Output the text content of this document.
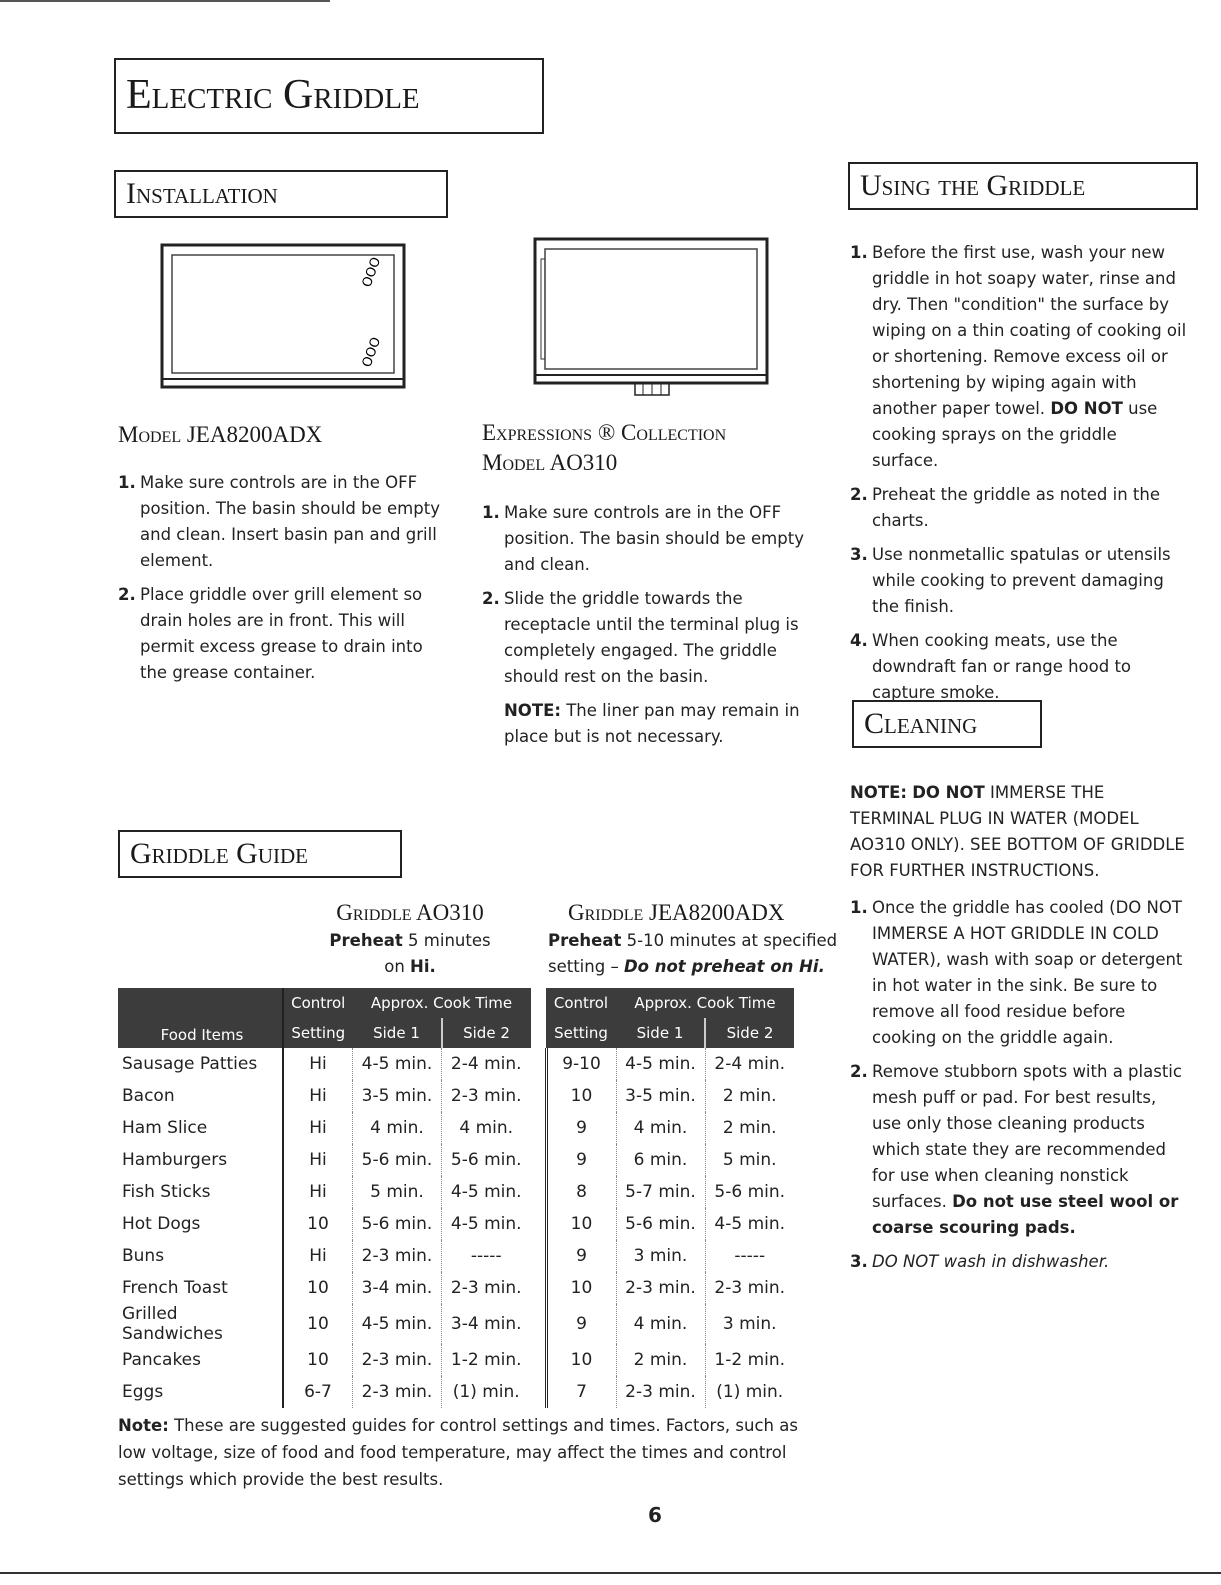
Electric Griddle
Installation
OOO
OOO
Model JEA8200ADX
1. Make sure controls are in the OFF position. The basin should be empty and clean. Insert basin pan and grill element.
2. Place griddle over grill element so drain holes are in front. This will permit excess grease to drain into the grease container.
Expressions ® Collection
Model AO310
1. Make sure controls are in the OFF position. The basin should be empty and clean.
2. Slide the griddle towards the receptacle until the terminal plug is completely engaged. The griddle should rest on the basin.
NOTE: The liner pan may remain in place but is not necessary.
Using the Griddle
1. Before the first use, wash your new griddle in hot soapy water, rinse and dry. Then "condition" the surface by wiping on a thin coating of cooking oil or shortening. Remove excess oil or shortening by wiping again with another paper towel. DO NOT use cooking sprays on the griddle surface.
2. Preheat the griddle as noted in the charts.
3. Use nonmetallic spatulas or utensils while cooking to prevent damaging the finish.
4. When cooking meats, use the downdraft fan or range hood to capture smoke.
Cleaning
NOTE: DO NOT IMMERSE THE TERMINAL PLUG IN WATER (MODEL AO310 ONLY). SEE BOTTOM OF GRIDDLE FOR FURTHER INSTRUCTIONS.
1. Once the griddle has cooled (DO NOT IMMERSE A HOT GRIDDLE IN COLD WATER), wash with soap or detergent in hot water in the sink. Be sure to remove all food residue before cooking on the griddle again.
2. Remove stubborn spots with a plastic mesh puff or pad. For best results, use only those cleaning products which state they are recommended for use when cleaning nonstick surfaces. Do not use steel wool or coarse scouring pads.
3. DO NOT wash in dishwasher.
Griddle Guide
Griddle AO310
Preheat 5 minutes
on Hi.
Griddle JEA8200ADX
Preheat 5-10 minutes at specified
setting – Do not preheat on Hi.
Food Items	Control	Approx. Cook Time			Control	Approx. Cook Time	
	Setting	Side 1	Side 2		Setting	Side 1	Side 2
Sausage Patties	Hi	4-5 min.	2-4 min.		9-10	4-5 min.	2-4 min.
Bacon	Hi	3-5 min.	2-3 min.		10	3-5 min.	2 min.
Ham Slice	Hi	4 min.	4 min.		9	4 min.	2 min.
Hamburgers	Hi	5-6 min.	5-6 min.		9	6 min.	5 min.
Fish Sticks	Hi	5 min.	4-5 min.		8	5-7 min.	5-6 min.
Hot Dogs	10	5-6 min.	4-5 min.		10	5-6 min.	4-5 min.
Buns	Hi	2-3 min.	-----		9	3 min.	-----
French Toast	10	3-4 min.	2-3 min.		10	2-3 min.	2-3 min.
Grilled Sandwiches	10	4-5 min.	3-4 min.		9	4 min.	3 min.
Pancakes	10	2-3 min.	1-2 min.		10	2 min.	1-2 min.
Eggs	6-7	2-3 min.	(1) min.		7	2-3 min.	(1) min.
Note: These are suggested guides for control settings and times. Factors, such as low voltage, size of food and food temperature, may affect the times and control settings which provide the best results.
6
